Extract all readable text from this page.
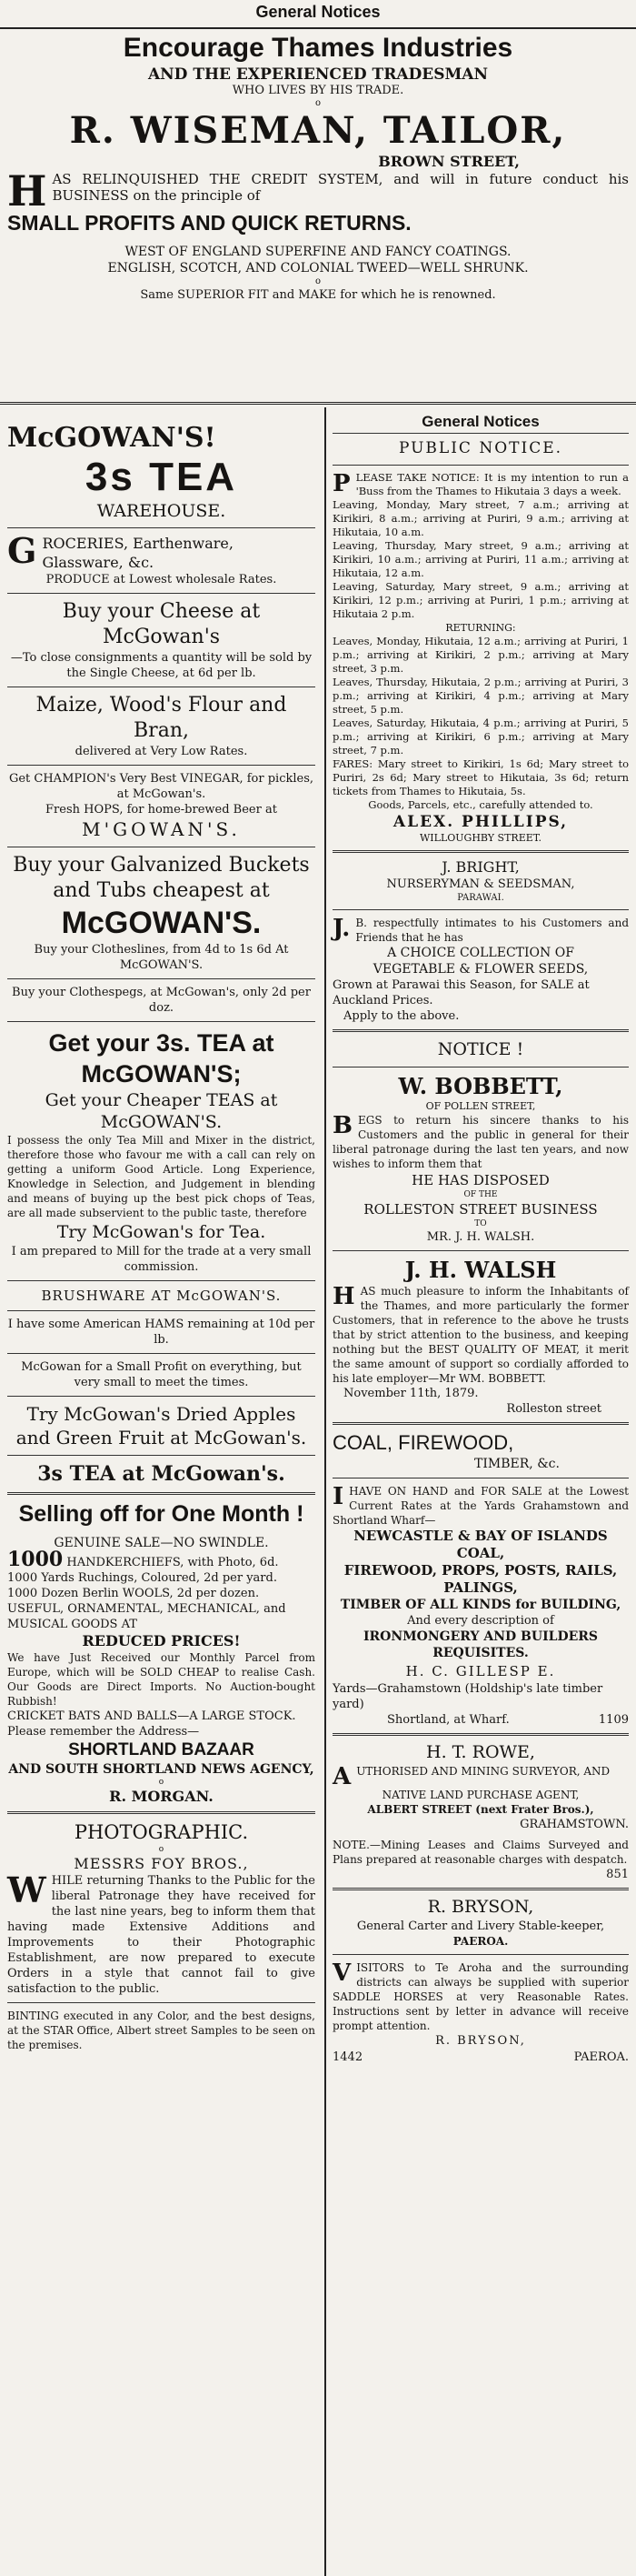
General Notices

Encourage Thames Industries

AND THE EXPERIENCED TRADESMAN

WHO LIVES BY HIS TRADE.

o

R. WISEMAN, TAILOR,

BROWN STREET,

H AS RELINQUISHED THE CREDIT SYSTEM, and will in future conduct his BUSINESS on the principle of

SMALL PROFITS AND QUICK RETURNS.

WEST OF ENGLAND SUPERFINE AND FANCY COATINGS.

ENGLISH, SCOTCH, AND COLONIAL TWEED—WELL SHRUNK.

o

Same SUPERIOR FIT and MAKE for which he is renowned.

McGOWAN'S!

3s TEA

WAREHOUSE.

G ROCERIES, Earthenware, Glassware, &c.

PRODUCE at Lowest wholesale Rates.

Buy your Cheese at McGowan's

—To close consignments a quantity will be sold by the Single Cheese, at 6d per lb.

Maize, Wood's Flour and Bran,

delivered at Very Low Rates.

Get CHAMPION's Very Best VINEGAR, for pickles, at McGowan's.

Fresh HOPS, for home-brewed Beer at

M'GOWAN'S.

Buy your Galvanized Buckets and Tubs cheapest at

McGOWAN'S.

Buy your Clotheslines, from 4d to 1s 6d At McGOWAN'S.

Buy your Clothespegs, at McGowan's, only 2d per doz.

Get your 3s. TEA at McGOWAN'S;

Get your Cheaper TEAS at McGOWAN'S.

I possess the only Tea Mill and Mixer in the district, therefore those who favour me with a call can rely on getting a uniform Good Article. Long Experience, Knowledge in Selection, and Judgement in blending and means of buying up the best pick chops of Teas, are all made subservient to the public taste, therefore

Try McGowan's for Tea.

I am prepared to Mill for the trade at a very small commission.

BRUSHWARE AT McGOWAN'S.

I have some American HAMS remaining at 10d per lb.

McGowan for a Small Profit on everything, but very small to meet the times.

Try McGowan's Dried Apples and Green Fruit at McGowan's.

3s TEA at McGowan's.

Selling off for One Month !

GENUINE SALE—NO SWINDLE.

1000 HANDKERCHIEFS, with Photo, 6d.

1000 Yards Ruchings, Coloured, 2d per yard.

1000 Dozen Berlin WOOLS, 2d per dozen.

USEFUL, ORNAMENTAL, MECHANICAL, and MUSICAL GOODS AT

REDUCED PRICES!

We have Just Received our Monthly Parcel from Europe, which will be SOLD CHEAP to realise Cash. Our Goods are Direct Imports. No Auction-bought Rubbish!

CRICKET BATS AND BALLS—A LARGE STOCK.

Please remember the Address—

SHORTLAND BAZAAR

AND SOUTH SHORTLAND NEWS AGENCY,

o

R. MORGAN.

PHOTOGRAPHIC.

o

MESSRS FOY BROS.,

W HILE returning Thanks to the Public for the liberal Patronage they have received for the last nine years, beg to inform them that having made Extensive Additions and Improvements to their Photographic Establishment, are now prepared to execute Orders in a style that cannot fail to give satisfaction to the public.

BINTING executed in any Color, and the best designs, at the STAR Office, Albert street Samples to be seen on the premises.

General Notices

PUBLIC NOTICE.

P LEASE TAKE NOTICE: It is my intention to run a 'Buss from the Thames to Hikutaia 3 days a week.

Leaving, Monday, Mary street, 7 a.m.; arriving at Kirikiri, 8 a.m.; arriving at Puriri, 9 a.m.; arriving at Hikutaia, 10 a.m.

Leaving, Thursday, Mary street, 9 a.m.; arriving at Kirikiri, 10 a.m.; arriving at Puriri, 11 a.m.; arriving at Hikutaia, 12 a.m.

Leaving, Saturday, Mary street, 9 a.m.; arriving at Kirikiri, 12 p.m.; arriving at Puriri, 1 p.m.; arriving at Hikutaia 2 p.m.

RETURNING:

Leaves, Monday, Hikutaia, 12 a.m.; arriving at Puriri, 1 p.m.; arriving at Kirikiri, 2 p.m.; arriving at Mary street, 3 p.m.

Leaves, Thursday, Hikutaia, 2 p.m.; arriving at Puriri, 3 p.m.; arriving at Kirikiri, 4 p.m.; arriving at Mary street, 5 p.m.

Leaves, Saturday, Hikutaia, 4 p.m.; arriving at Puriri, 5 p.m.; arriving at Kirikiri, 6 p.m.; arriving at Mary street, 7 p.m.

FARES: Mary street to Kirikiri, 1s 6d; Mary street to Puriri, 2s 6d; Mary street to Hikutaia, 3s 6d; return tickets from Thames to Hikutaia, 5s.

Goods, Parcels, etc., carefully attended to.

ALEX. PHILLIPS,

WILLOUGHBY STREET.

J. BRIGHT,

NURSERYMAN & SEEDSMAN,

PARAWAI.

J. B. respectfully intimates to his Customers and Friends that he has

A CHOICE COLLECTION OF

VEGETABLE & FLOWER SEEDS,

Grown at Parawai this Season, for SALE at Auckland Prices.

Apply to the above.

NOTICE !

W. BOBBETT,

OF POLLEN STREET,

B EGS to return his sincere thanks to his Customers and the public in general for their liberal patronage during the last ten years, and now wishes to inform them that

HE HAS DISPOSED

OF THE

ROLLESTON STREET BUSINESS

TO

MR. J. H. WALSH.

J. H. WALSH

H AS much pleasure to inform the Inhabitants of the Thames, and more particularly the former Customers, that in reference to the above he trusts that by strict attention to the business, and keeping nothing but the BEST QUALITY OF MEAT, it merit the same amount of support so cordially afforded to his late employer—Mr WM. BOBBETT.

November 11th, 1879.

Rolleston street

COAL, FIREWOOD,

TIMBER, &c.

I HAVE ON HAND and FOR SALE at the Lowest Current Rates at the Yards Grahamstown and Shortland Wharf—

NEWCASTLE & BAY OF ISLANDS COAL,

FIREWOOD, PROPS, POSTS, RAILS, PALINGS,

TIMBER OF ALL KINDS for BUILDING,

And every description of

IRONMONGERY AND BUILDERS REQUISITES.

H. C. GILLESP E.

Yards—Grahamstown (Holdship's late timber yard)

Shortland, at Wharf.	1109

H. T. ROWE,

A UTHORISED AND MINING SURVEYOR, AND

NATIVE LAND PURCHASE AGENT,

ALBERT STREET (next Frater Bros.),

GRAHAMSTOWN.

NOTE.—Mining Leases and Claims Surveyed and Plans prepared at reasonable charges with despatch.

851

R. BRYSON,

General Carter and Livery Stable-keeper,

PAEROA.

V ISITORS to Te Aroha and the surrounding districts can always be supplied with superior SADDLE HORSES at very Reasonable Rates. Instructions sent by letter in advance will receive prompt attention.

R. BRYSON,

1442	PAEROA.
